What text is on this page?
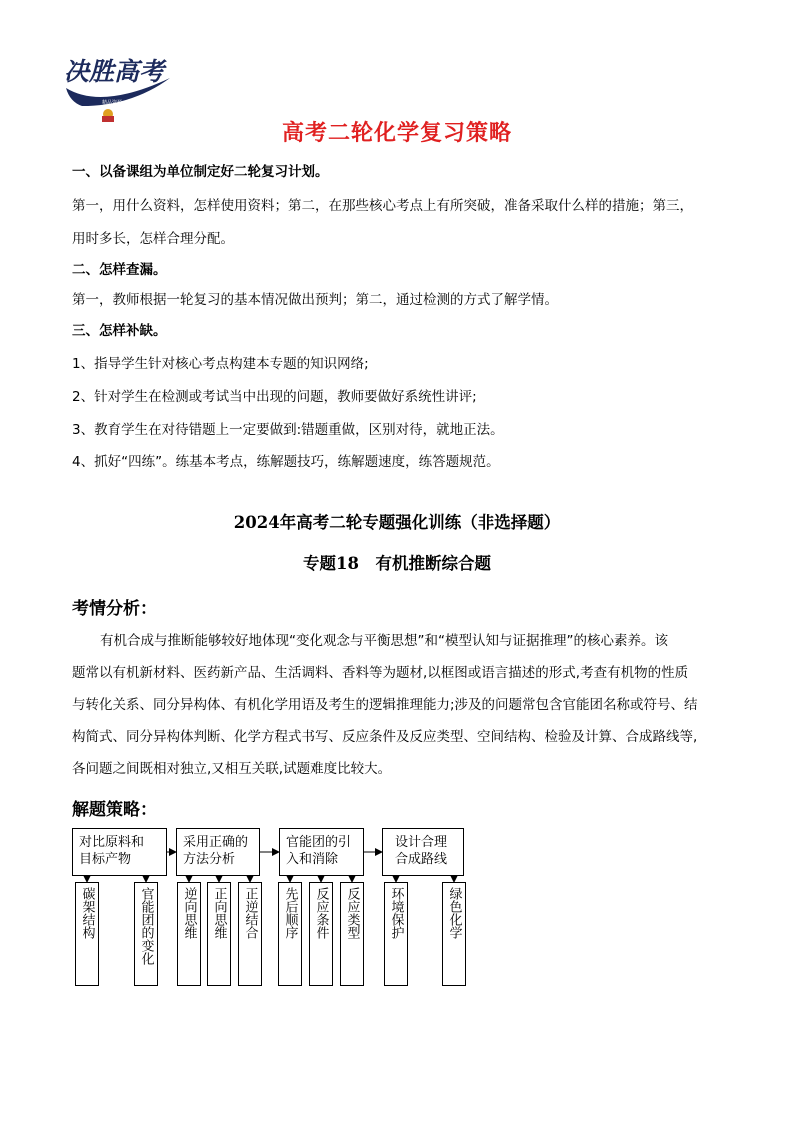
决胜高考
精品资源 · 尽在决胜
高考二轮化学复习策略
一、以备课组为单位制定好二轮复习计划。
第一，用什么资料，怎样使用资料；第二，在那些核心考点上有所突破，准备采取什么样的措施；第三，
用时多长，怎样合理分配。
二、怎样查漏。
第一，教师根据一轮复习的基本情况做出预判；第二，通过检测的方式了解学情。
三、怎样补缺。
1、指导学生针对核心考点构建本专题的知识网络;
2、针对学生在检测或考试当中出现的问题，教师要做好系统性讲评;
3、教育学生在对待错题上一定要做到:错题重做，区别对待，就地正法。
4、抓好“四练”。练基本考点，练解题技巧，练解题速度，练答题规范。
2024年高考二轮专题强化训练（非选择题）
专题18　有机推断综合题
考情分析：
有机合成与推断能够较好地体现“变化观念与平衡思想”和“模型认知与证据推理”的核心素养。该
题常以有机新材料、医药新产品、生活调料、香料等为题材,以框图或语言描述的形式,考查有机物的性质
与转化关系、同分异构体、有机化学用语及考生的逻辑推理能力;涉及的问题常包含官能团名称或符号、结
构简式、同分异构体判断、化学方程式书写、反应条件及反应类型、空间结构、检验及计算、合成路线等,
各问题之间既相对独立,又相互关联,试题难度比较大。
解题策略：
对比原料和
目标产物
采用正确的
方法分析
官能团的引
入和消除
设计合理
合成路线
碳架结构	官能团的变化	逆向思维	正向思维	正逆结合	先后顺序	反应条件	反应类型	环境保护	绿色化学
